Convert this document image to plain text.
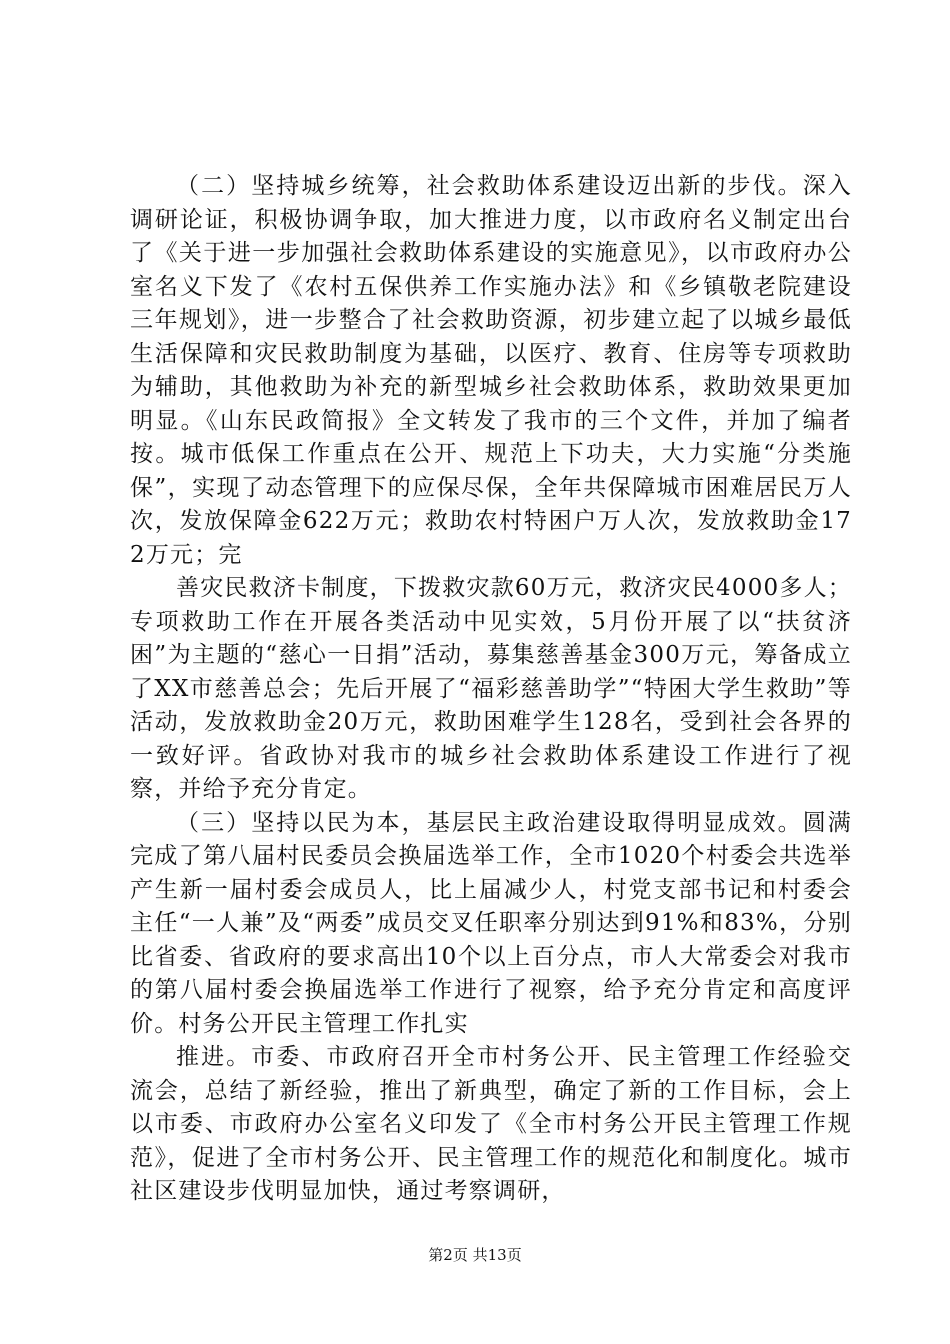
（二）坚持城乡统筹，社会救助体系建设迈出新的步伐。深入调研论证，积极协调争取，加大推进力度，以市政府名义制定出台了《关于进一步加强社会救助体系建设的实施意见》，以市政府办公室名义下发了《农村五保供养工作实施办法》和《乡镇敬老院建设三年规划》，进一步整合了社会救助资源，初步建立起了以城乡最低生活保障和灾民救助制度为基础，以医疗、教育、住房等专项救助为辅助，其他救助为补充的新型城乡社会救助体系，救助效果更加明显。《山东民政简报》全文转发了我市的三个文件，并加了编者按。城市低保工作重点在公开、规范上下功夫，大力实施“分类施保”，实现了动态管理下的应保尽保，全年共保障城市困难居民万人次，发放保障金622万元；救助农村特困户万人次，发放救助金172万元；完

善灾民救济卡制度，下拨救灾款60万元，救济灾民4000多人；专项救助工作在开展各类活动中见实效，5月份开展了以“扶贫济困”为主题的“慈心一日捐”活动，募集慈善基金300万元，筹备成立了XX市慈善总会；先后开展了“福彩慈善助学”“特困大学生救助”等活动，发放救助金20万元，救助困难学生128名，受到社会各界的一致好评。省政协对我市的城乡社会救助体系建设工作进行了视察，并给予充分肯定。

（三）坚持以民为本，基层民主政治建设取得明显成效。圆满完成了第八届村民委员会换届选举工作，全市1020个村委会共选举产生新一届村委会成员人，比上届减少人，村党支部书记和村委会主任“一人兼”及“两委”成员交叉任职率分别达到91%和83%，分别比省委、省政府的要求高出10个以上百分点，市人大常委会对我市的第八届村委会换届选举工作进行了视察，给予充分肯定和高度评价。村务公开民主管理工作扎实

推进。市委、市政府召开全市村务公开、民主管理工作经验交流会，总结了新经验，推出了新典型，确定了新的工作目标，会上以市委、市政府办公室名义印发了《全市村务公开民主管理工作规范》，促进了全市村务公开、民主管理工作的规范化和制度化。城市社区建设步伐明显加快，通过考察调研，

第2页 共13页
